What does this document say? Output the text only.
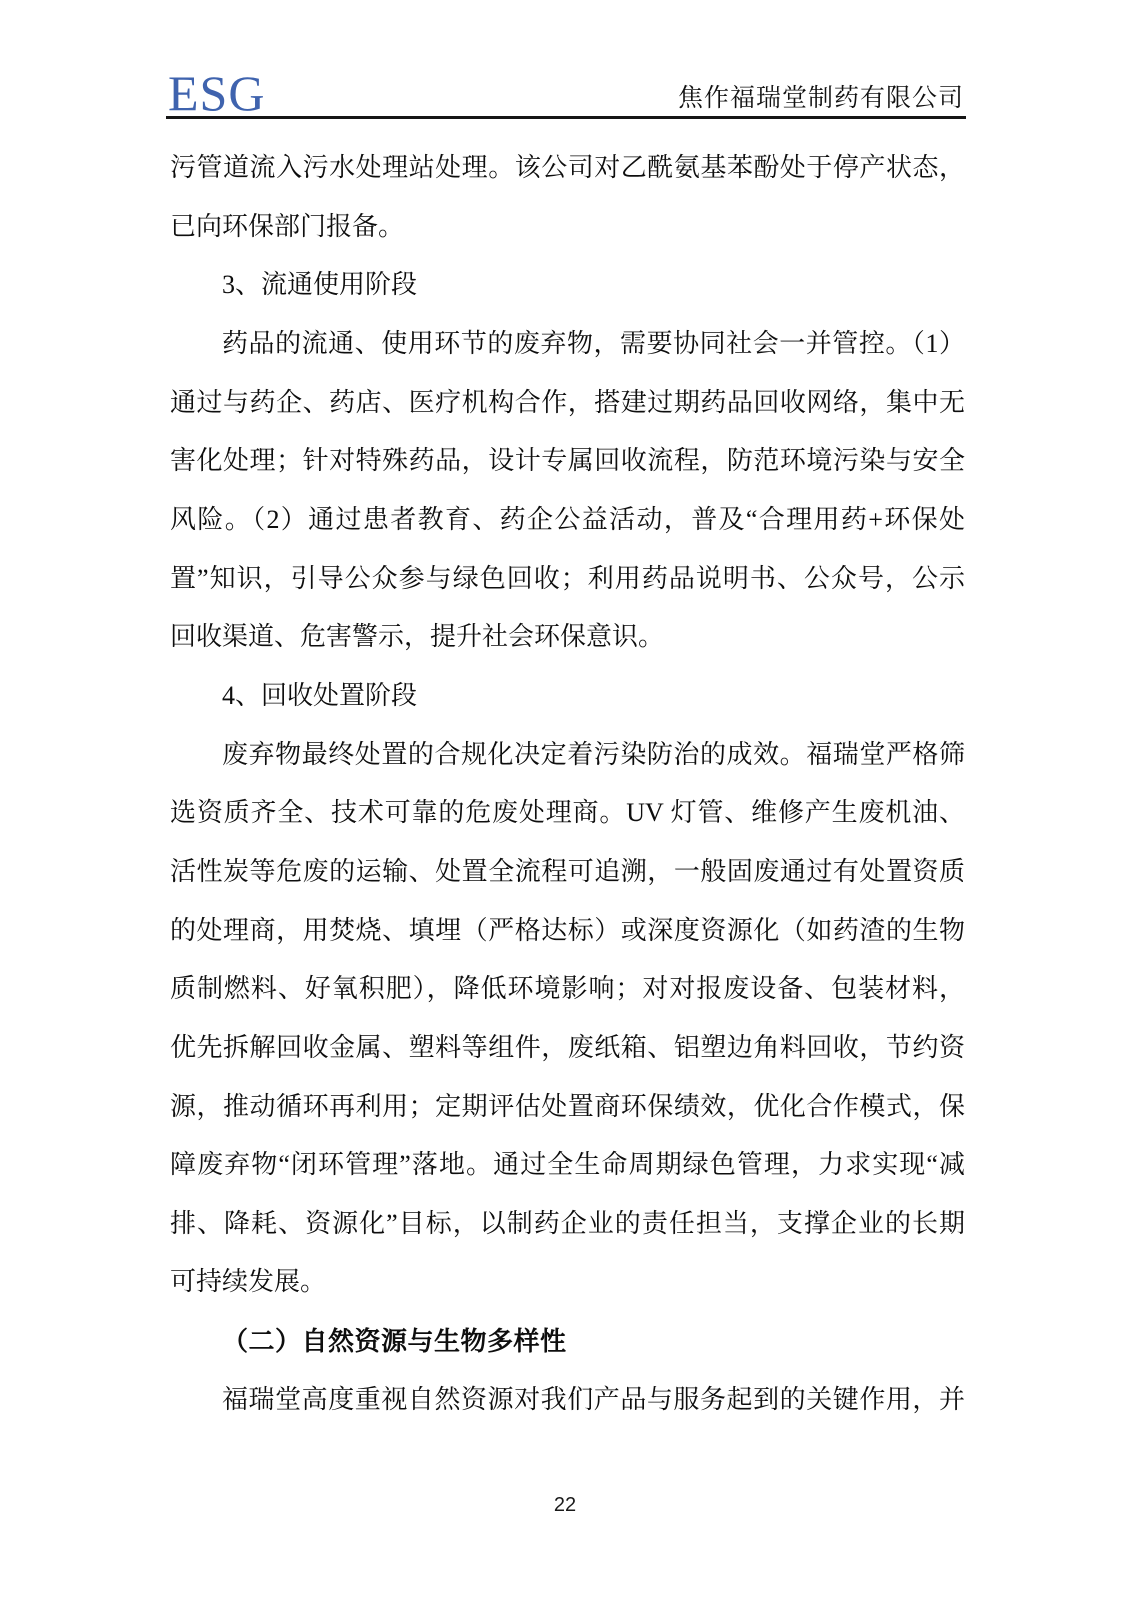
ESG	焦作福瑞堂制药有限公司
污管道流入污水处理站处理。该公司对乙酰氨基苯酚处于停产状态，
已向环保部门报备。
3、流通使用阶段
药品的流通、使用环节的废弃物，需要协同社会一并管控。（1）
通过与药企、药店、医疗机构合作，搭建过期药品回收网络，集中无
害化处理；针对特殊药品，设计专属回收流程，防范环境污染与安全
风险。（2）通过患者教育、药企公益活动，普及“合理用药+环保处
置”知识，引导公众参与绿色回收；利用药品说明书、公众号，公示
回收渠道、危害警示，提升社会环保意识。
4、回收处置阶段
废弃物最终处置的合规化决定着污染防治的成效。福瑞堂严格筛
选资质齐全、技术可靠的危废处理商。UV 灯管、维修产生废机油、
活性炭等危废的运输、处置全流程可追溯，一般固废通过有处置资质
的处理商，用焚烧、填埋（严格达标）或深度资源化（如药渣的生物
质制燃料、好氧积肥），降低环境影响；对对报废设备、包装材料，
优先拆解回收金属、塑料等组件，废纸箱、铝塑边角料回收，节约资
源，推动循环再利用；定期评估处置商环保绩效，优化合作模式，保
障废弃物“闭环管理”落地。通过全生命周期绿色管理，力求实现“减
排、降耗、资源化”目标，以制药企业的责任担当，支撑企业的长期
可持续发展。
（二）自然资源与生物多样性
福瑞堂高度重视自然资源对我们产品与服务起到的关键作用，并
22
